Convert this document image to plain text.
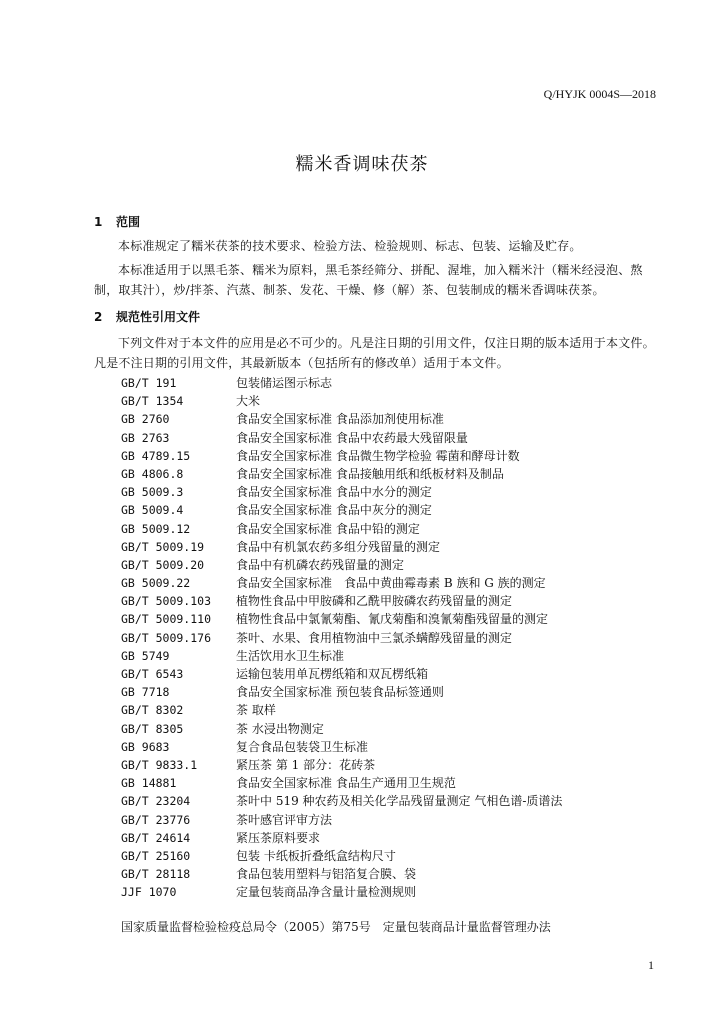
Q/HYJK 0004S—2018
糯米香调味茯茶
1 范围
本标准规定了糯米茯茶的技术要求、检验方法、检验规则、标志、包装、运输及贮存。
本标准适用于以黑毛茶、糯米为原料，黑毛茶经筛分、拼配、渥堆，加入糯米汁（糯米经浸泡、熬制，取其汁），炒/拌茶、汽蒸、制茶、发花、干燥、修（解）茶、包装制成的糯米香调味茯茶。
2 规范性引用文件
下列文件对于本文件的应用是必不可少的。凡是注日期的引用文件，仅注日期的版本适用于本文件。凡是不注日期的引用文件，其最新版本（包括所有的修改单）适用于本文件。
GB/T 191	包装储运图示标志
GB/T 1354	大米
GB 2760	食品安全国家标准 食品添加剂使用标准
GB 2763	食品安全国家标准 食品中农药最大残留限量
GB 4789.15	食品安全国家标准 食品微生物学检验 霉菌和酵母计数
GB 4806.8	食品安全国家标准 食品接触用纸和纸板材料及制品
GB 5009.3	食品安全国家标准 食品中水分的测定
GB 5009.4	食品安全国家标准 食品中灰分的测定
GB 5009.12	食品安全国家标准 食品中铅的测定
GB/T 5009.19	食品中有机氯农药多组分残留量的测定
GB/T 5009.20	食品中有机磷农药残留量的测定
GB 5009.22	食品安全国家标准　食品中黄曲霉毒素 B 族和 G 族的测定
GB/T 5009.103 植物性食品中甲胺磷和乙酰甲胺磷农药残留量的测定
GB/T 5009.110 植物性食品中氯氰菊酯、氰戊菊酯和溴氰菊酯残留量的测定
GB/T 5009.176 茶叶、水果、食用植物油中三氯杀螨醇残留量的测定
GB 5749	生活饮用水卫生标准
GB/T 6543	运输包装用单瓦楞纸箱和双瓦楞纸箱
GB 7718	食品安全国家标准 预包装食品标签通则
GB/T 8302	茶 取样
GB/T 8305	茶 水浸出物测定
GB 9683	复合食品包装袋卫生标准
GB/T 9833.1	紧压茶 第 1 部分：花砖茶
GB 14881	食品安全国家标准 食品生产通用卫生规范
GB/T 23204	茶叶中 519 种农药及相关化学品残留量测定 气相色谱-质谱法
GB/T 23776	茶叶感官评审方法
GB/T 24614	紧压茶原料要求
GB/T 25160	包装 卡纸板折叠纸盒结构尺寸
GB/T 28118	食品包装用塑料与铝箔复合膜、袋
JJF 1070	定量包装商品净含量计量检测规则
国家质量监督检验检疫总局令（2005）第75号　定量包装商品计量监督管理办法
1
